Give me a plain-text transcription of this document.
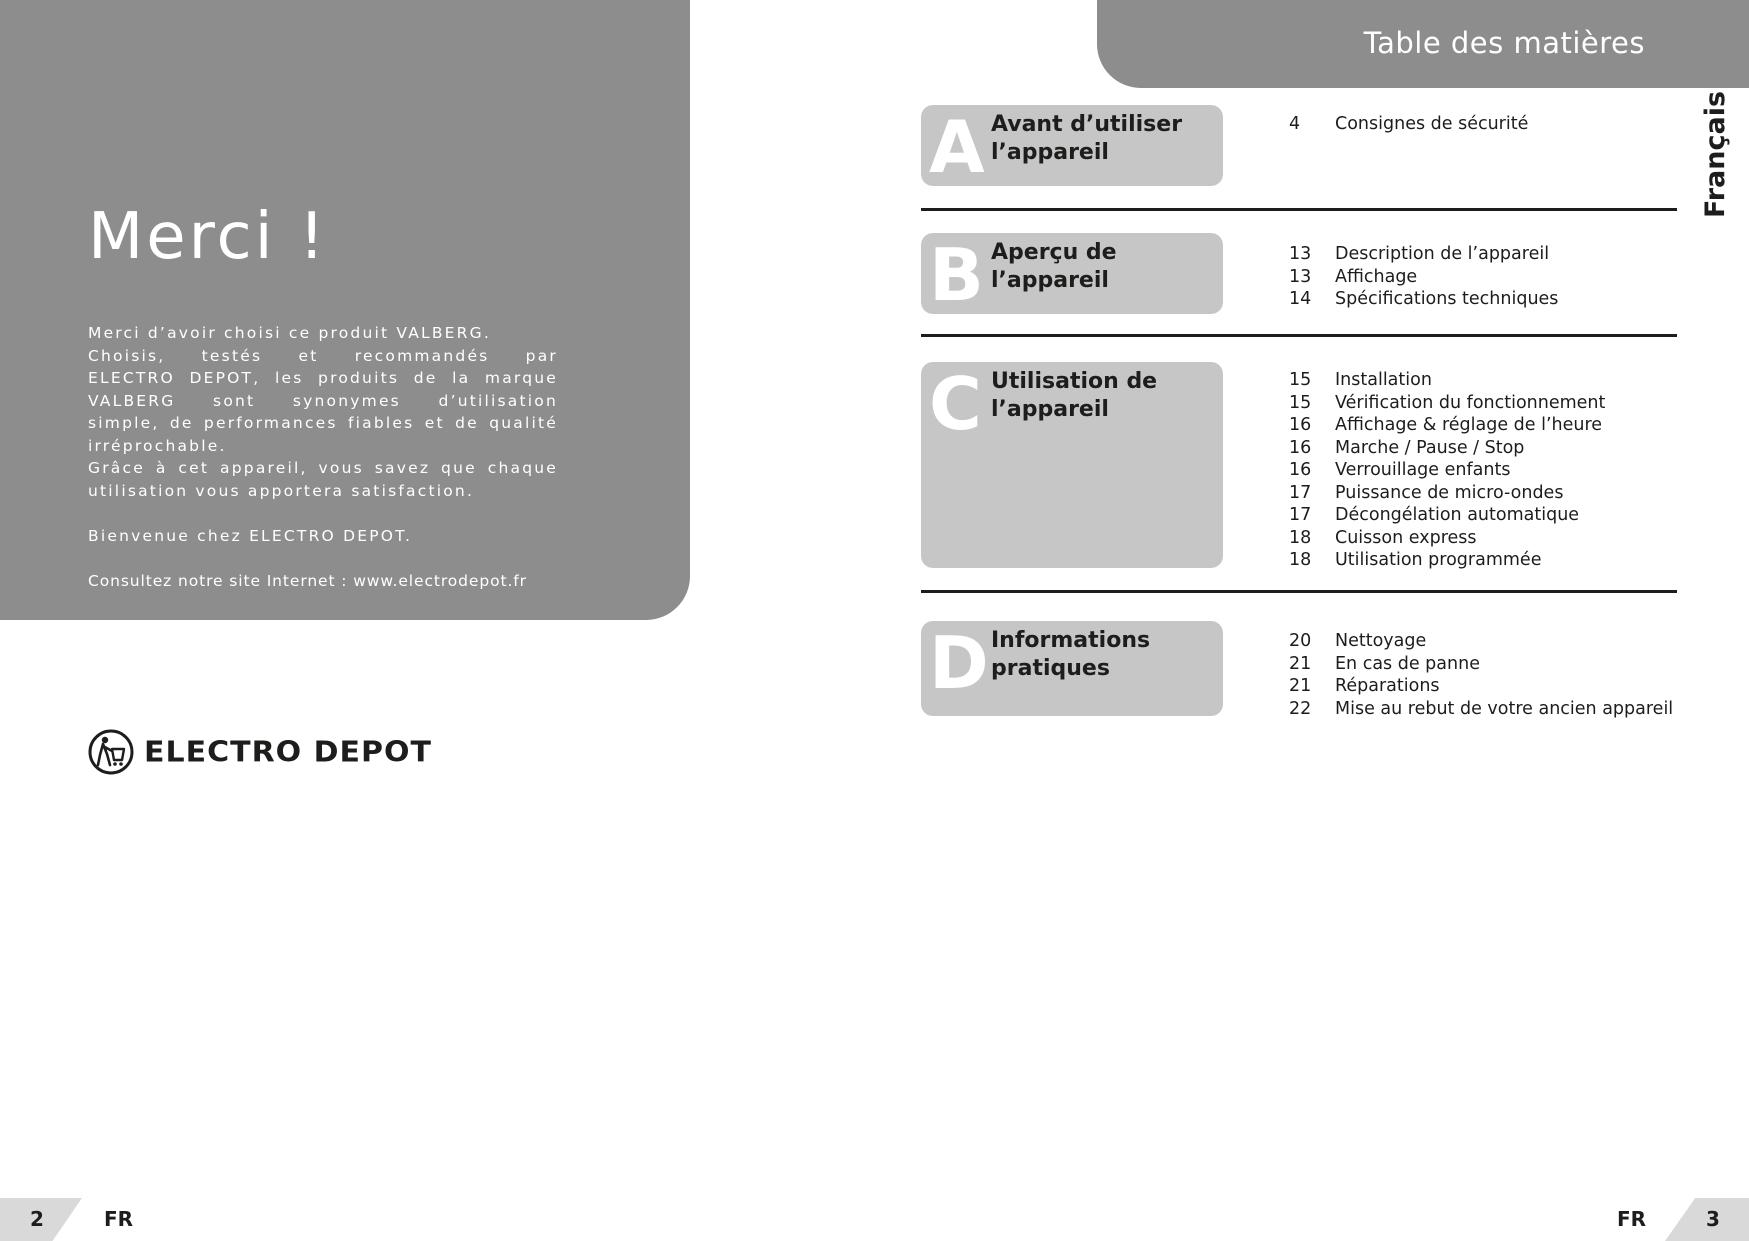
Merci !

Merci d’avoir choisi ce produit VALBERG.

Choisis, testés et recommandés par

ELECTRO DEPOT, les produits de la marque

VALBERG sont synonymes d’utilisation

simple, de performances fiables et de qualité

irréprochable.

Grâce à cet appareil, vous savez que chaque

utilisation vous apportera satisfaction.

Bienvenue chez ELECTRO DEPOT.

Consultez notre site Internet : www.electrodepot.fr

ELECTRO DEPOT
2	FR
Table des matières
Français
A Avant d’utiliser l’appareil
4	Consignes de sécurité
B Aperçu de l’appareil
13	Description de l’appareil
13	Affichage
14	Spécifications techniques
C Utilisation de l’appareil
15	Installation
15	Vérification du fonctionnement
16	Affichage & réglage de l’heure
16	Marche / Pause / Stop
16	Verrouillage enfants
17	Puissance de micro-ondes
17	Décongélation automatique
18	Cuisson express
18	Utilisation programmée
D Informations pratiques
20	Nettoyage
21	En cas de panne
21	Réparations
22	Mise au rebut de votre ancien appareil
FR	3
